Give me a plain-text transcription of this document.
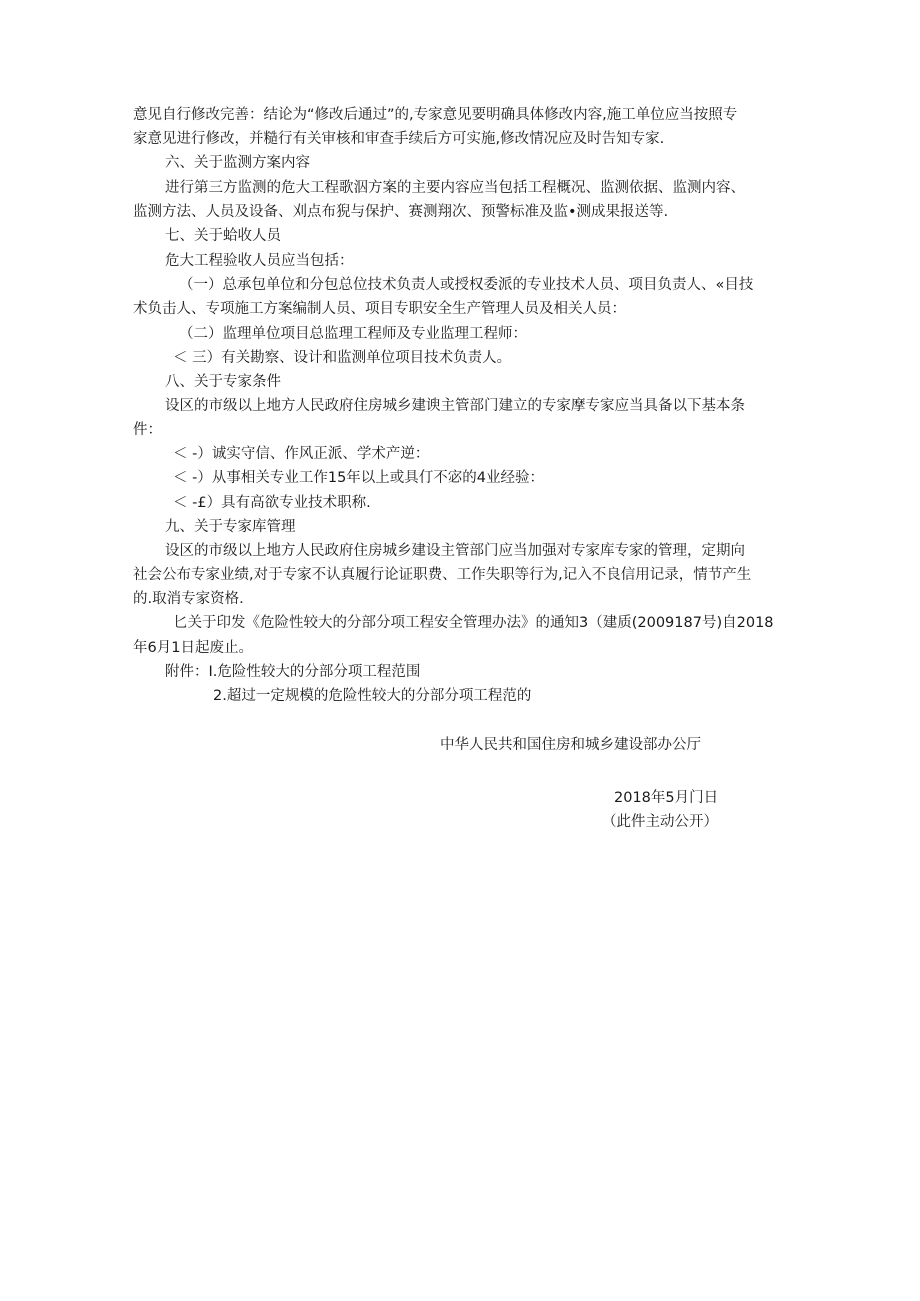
意见自行修改完善：结论为“修改后通过”的,专家意见要明确具体修改内容,施工单位应当按照专
家意见进行修改，并糙行有关审核和审查手续后方可实施,修改情况应及时告知专家.
六、关于监测方案内容
进行第三方监测的危大工程歌泅方案的主要内容应当包括工程概况、监测依据、监测内容、
监测方法、人员及设备、刈点布猊与保护、赛测翔次、预警标准及监•测成果报送等.
七、关于蛤收人员
危大工程验收人员应当包括：
（一）总承包单位和分包总位技术负责人或授权委派的专业技术人员、项目负责人、«目技
术负击人、专项施工方案编制人员、项目专职安全生产管理人员及相关人员：
（二）监理单位项目总监理工程师及专业监理工程师：
＜ 三）有关勘察、设计和监测单位项目技术负责人。
八、关于专家条件
设区的市级以上地方人民政府住房城乡建谀主管部门建立的专家摩专家应当具备以下基本条
件：
＜ -）诚实守信、作风正派、学术产逆：
＜ -）从事相关专业工作15年以上或具仃不宓的4业经验：
＜ -£）具有高欲专业技术职称.
九、关于专家库管理
设区的市级以上地方人民政府住房城乡建设主管部门应当加强对专家库专家的管理，定期向
社会公布专家业绩,对于专家不认真履行论证职费、工作失职等行为,记入不良信用记录，情节产生
的.取消专家资格.
匕关于印发《危险性较大的分部分项工程安全管理办法》的通知3（建质(2009187号)自2018
年6月1日起废止。
附件：I.危险性较大的分部分项工程范围
2.超过一定规模的危险性较大的分部分项工程范的
中华人民共和国住房和城乡建设部办公厅
2018年5月门日
（此件主动公开）
